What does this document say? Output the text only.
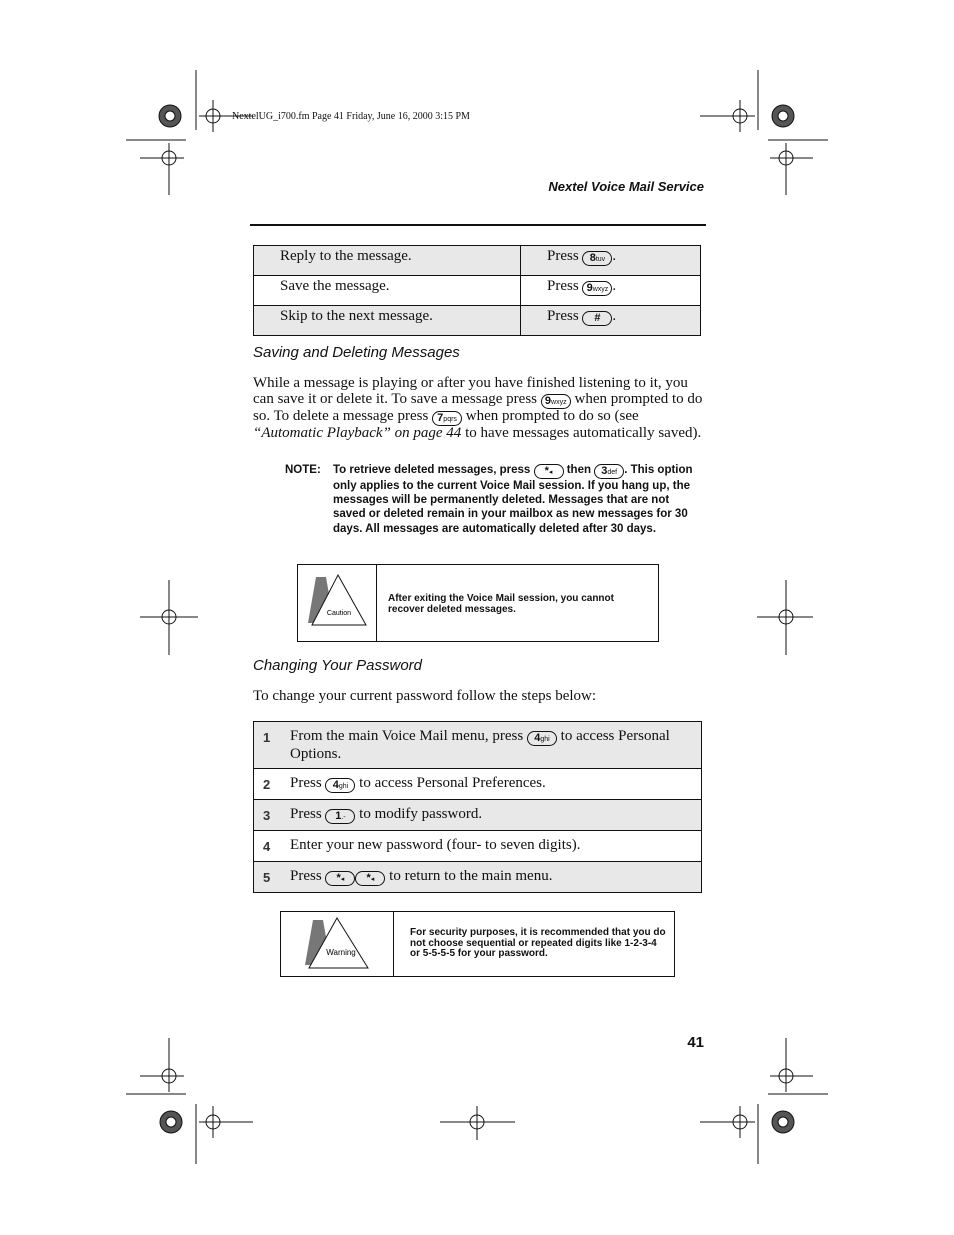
NextelUG_i700.fm Page 41 Friday, June 16, 2000 3:15 PM
Nextel Voice Mail Service
Reply to the message.	Press 8tuv .
Save the message.	Press 9wxyz .
Skip to the next message.	Press # .
Saving and Deleting Messages
While a message is playing or after you have finished listening to it, you can save it or delete it. To save a message press 9wxyz when prompted to do so. To delete a message press 7pqrs when prompted to do so (see “Automatic Playback” on page 44 to have messages automatically saved).
NOTE: To retrieve deleted messages, press *◂ then 3def . This option only applies to the current Voice Mail session. If you hang up, the messages will be permanently deleted. Messages that are not saved or deleted remain in your mailbox as new messages for 30 days. All messages are automatically deleted after 30 days.
Caution
After exiting the Voice Mail session, you cannot recover deleted messages.
Changing Your Password
To change your current password follow the steps below:
1	From the main Voice Mail menu, press 4ghi to access Personal Options.
2	Press 4ghi to access Personal Preferences.
3	Press 1.- to modify password.
4	Enter your new password (four- to seven digits).
5	Press *◂ *◂ to return to the main menu.
Warning
For security purposes, it is recommended that you do not choose sequential or repeated digits like 1-2-3-4 or 5-5-5-5 for your password.
41
